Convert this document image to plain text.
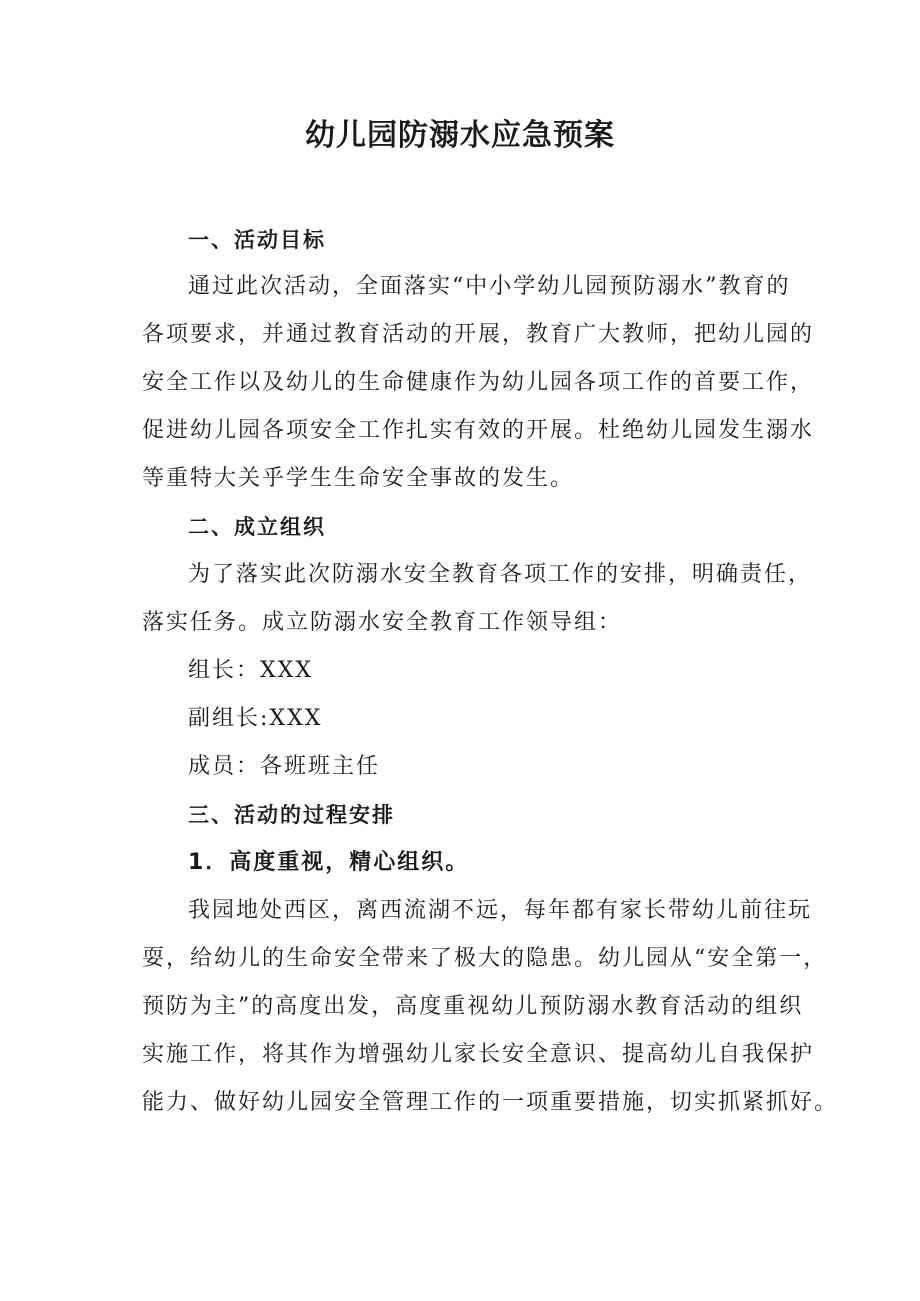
幼儿园防溺水应急预案
一、活动目标
通过此次活动，全面落实“中小学幼儿园预防溺水”教育的
各项要求，并通过教育活动的开展，教育广大教师，把幼儿园的
安全工作以及幼儿的生命健康作为幼儿园各项工作的首要工作，
促进幼儿园各项安全工作扎实有效的开展。杜绝幼儿园发生溺水
等重特大关乎学生生命安全事故的发生。
二、成立组织
为了落实此次防溺水安全教育各项工作的安排，明确责任，
落实任务。成立防溺水安全教育工作领导组：
组长：XXX
副组长:XXX
成员：各班班主任
三、活动的过程安排
1．高度重视，精心组织。
我园地处西区，离西流湖不远，每年都有家长带幼儿前往玩
耍，给幼儿的生命安全带来了极大的隐患。幼儿园从“安全第一，
预防为主”的高度出发，高度重视幼儿预防溺水教育活动的组织
实施工作，将其作为增强幼儿家长安全意识、提高幼儿自我保护
能力、做好幼儿园安全管理工作的一项重要措施，切实抓紧抓好。
